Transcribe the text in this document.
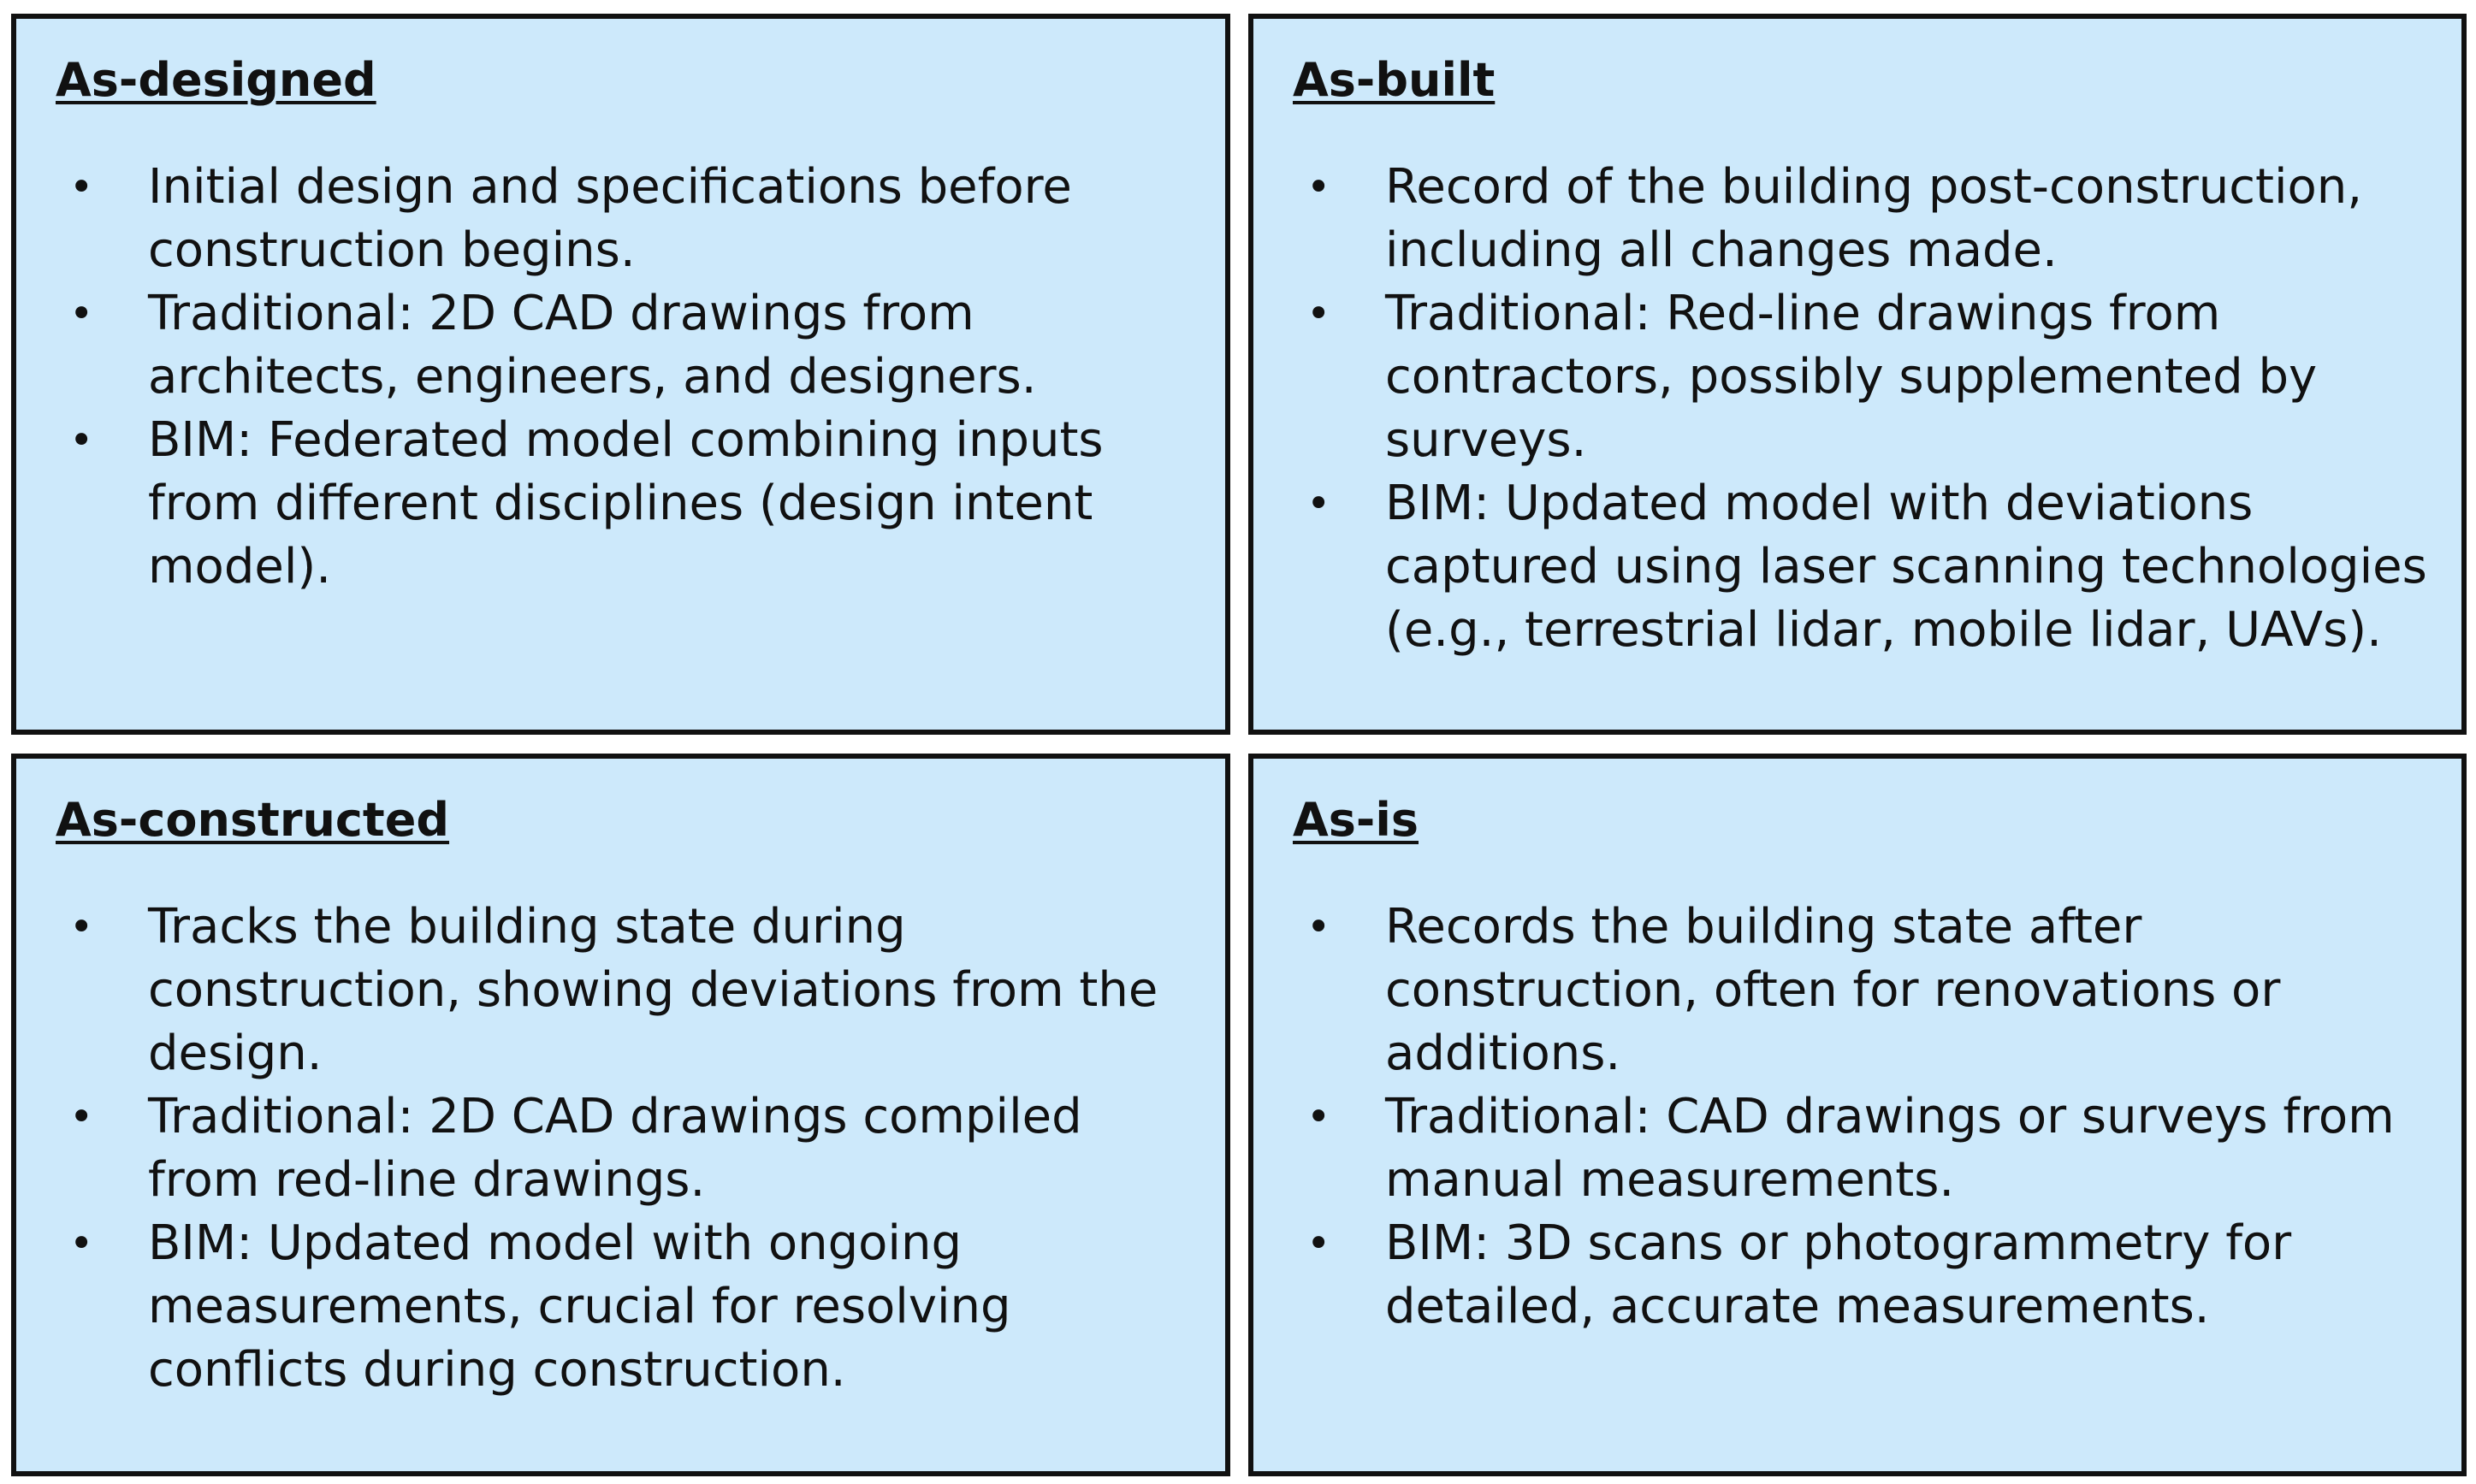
As-designed
• Initial design and specifications before construction begins.
• Traditional: 2D CAD drawings from architects, engineers, and designers.
• BIM: Federated model combining inputs from different disciplines (design intent model).
As-built
• Record of the building post-construction, including all changes made.
• Traditional: Red-line drawings from contractors, possibly supplemented by surveys.
• BIM: Updated model with deviations captured using laser scanning technologies (e.g., terrestrial lidar, mobile lidar, UAVs).
As-constructed
• Tracks the building state during construction, showing deviations from the design.
• Traditional: 2D CAD drawings compiled from red-line drawings.
• BIM: Updated model with ongoing measurements, crucial for resolving conflicts during construction.
As-is
• Records the building state after construction, often for renovations or additions.
• Traditional: CAD drawings or surveys from manual measurements.
• BIM: 3D scans or photogrammetry for detailed, accurate measurements.
